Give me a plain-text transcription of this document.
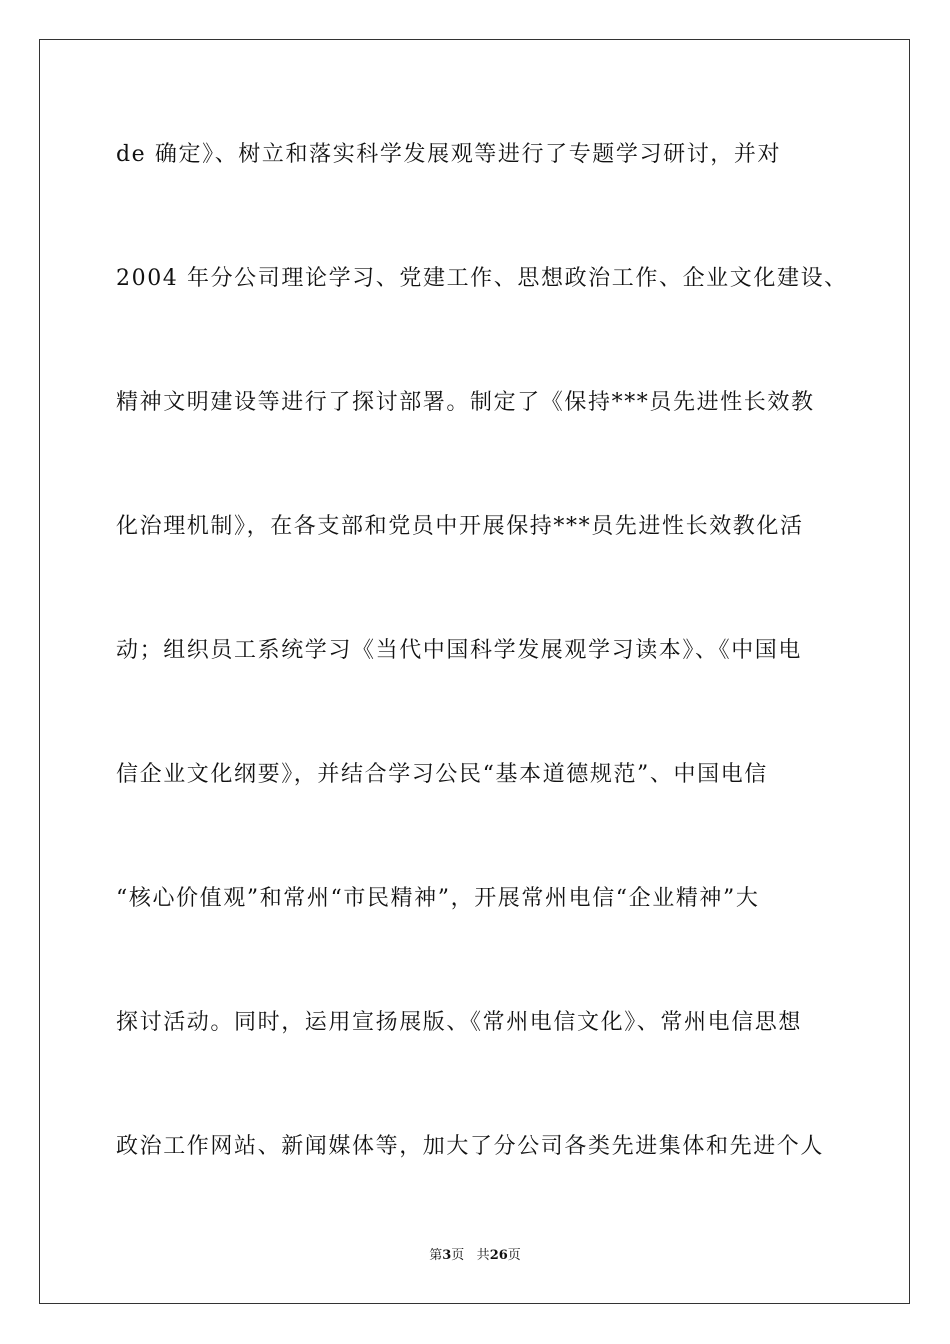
de 确定》、树立和落实科学发展观等进行了专题学习研讨，并对
2004 年分公司理论学习、党建工作、思想政治工作、企业文化建设、
精神文明建设等进行了探讨部署。制定了《保持***员先进性长效教
化治理机制》，在各支部和党员中开展保持***员先进性长效教化活
动；组织员工系统学习《当代中国科学发展观学习读本》、《中国电
信企业文化纲要》，并结合学习公民“基本道德规范”、中国电信
“核心价值观”和常州“市民精神”，开展常州电信“企业精神”大
探讨活动。同时，运用宣扬展版、《常州电信文化》、常州电信思想
政治工作网站、新闻媒体等，加大了分公司各类先进集体和先进个人
第3页 共26页
